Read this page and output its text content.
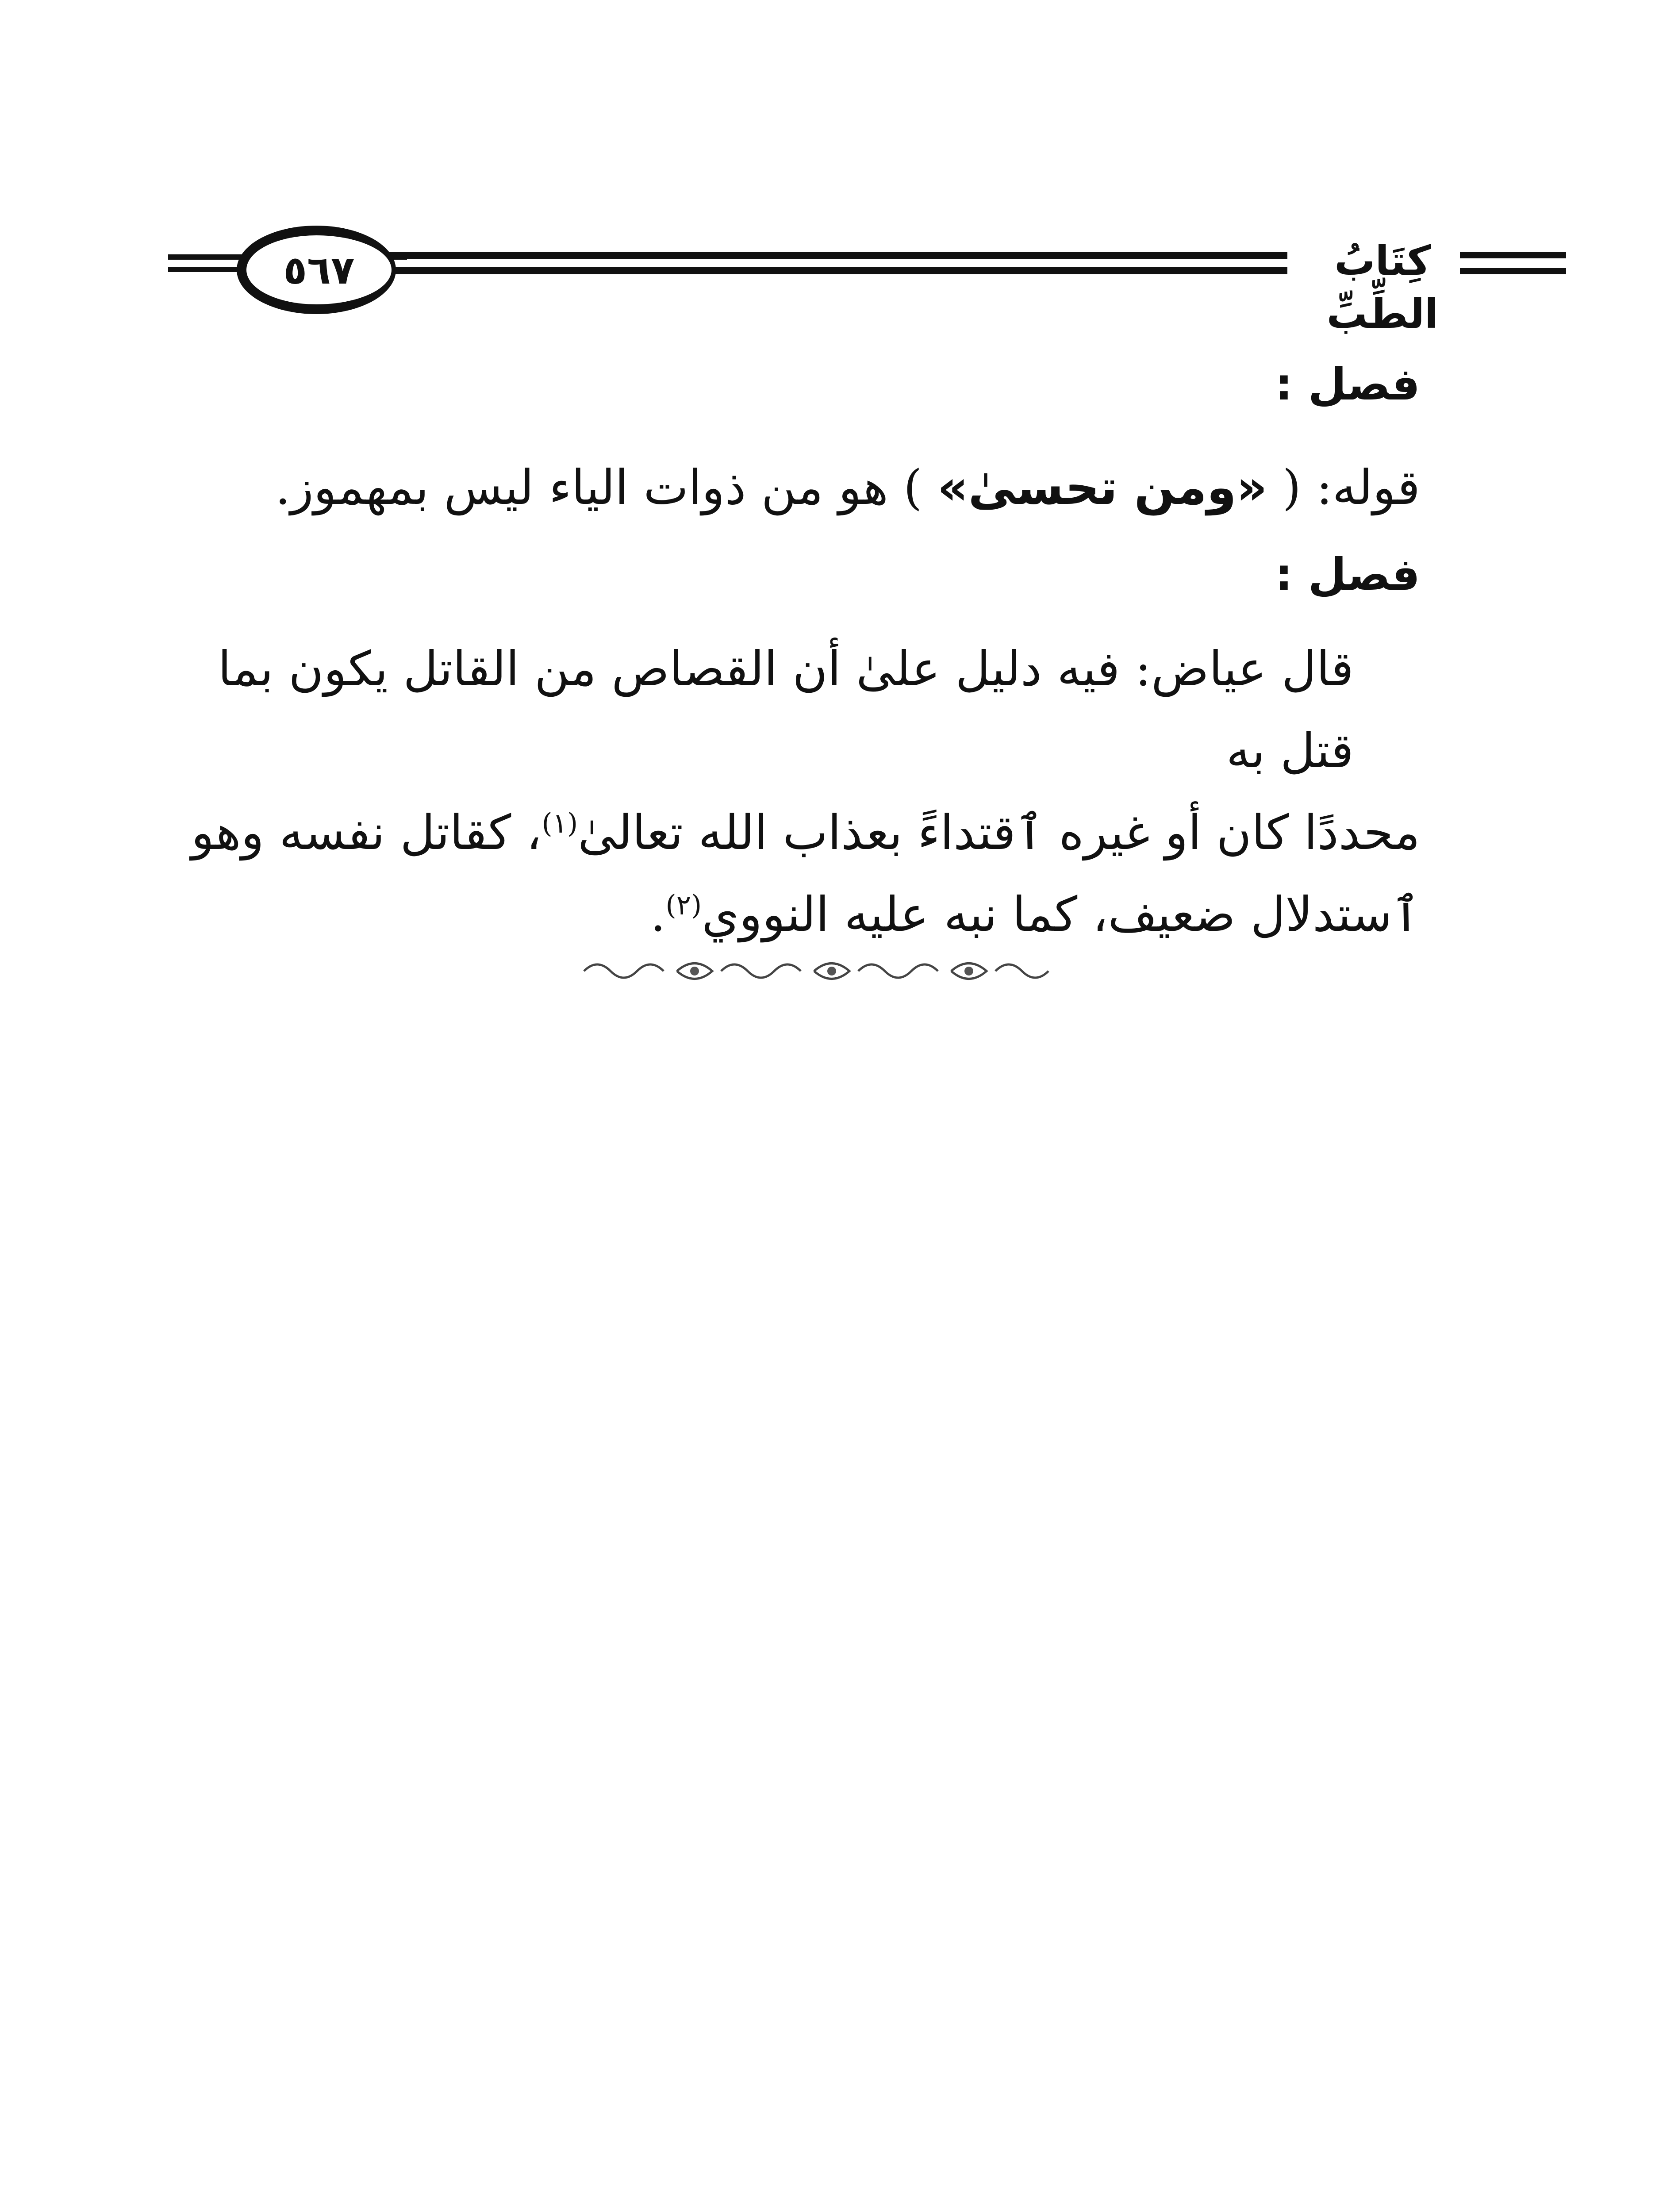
٥٦٧	كِتَابُ الطِّبِّ
فصل :
قوله: ( «ومن تحسىٰ» ) هو من ذوات الياء ليس بمهموز.
فصل :
قال عياض: فيه دليل علىٰ أن القصاص من القاتل يكون بما قتل به
محددًا كان أو غيره ٱقتداءً بعذاب الله تعالىٰ$^{(١)}$، كقاتل نفسه وهو
ٱستدلال ضعيف، كما نبه عليه النووي$^{(٢)}$.
